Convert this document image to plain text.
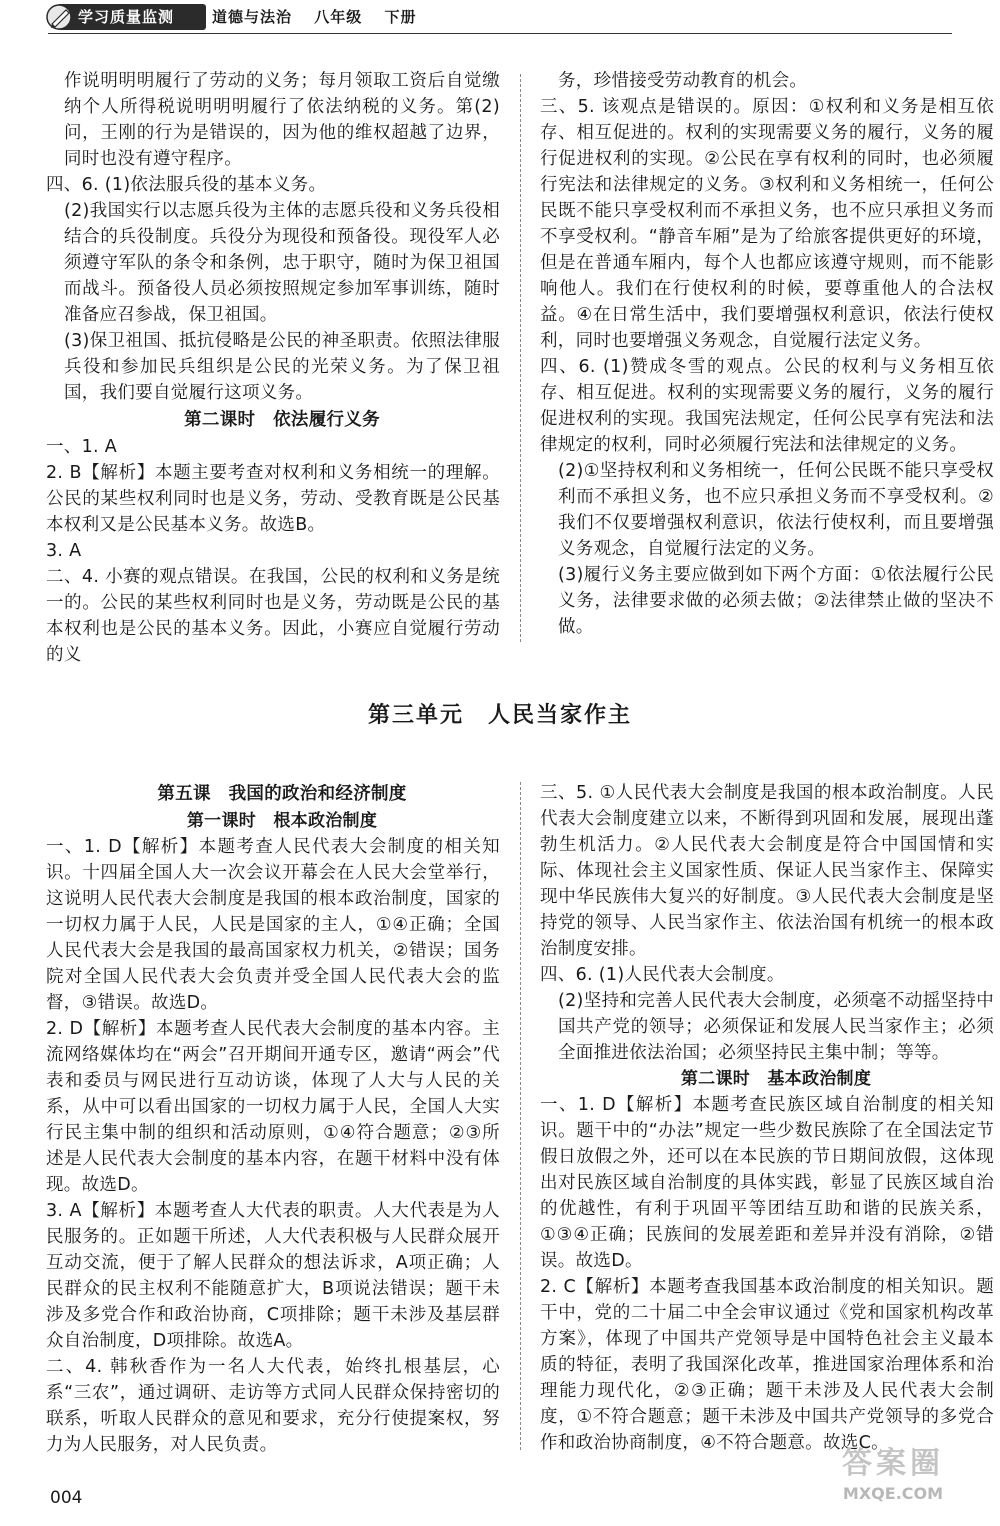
学习质量监测	道德与法治 八年级 下册

作说明明明履行了劳动的义务；每月领取工资后自觉缴纳个人所得税说明明明履行了依法纳税的义务。第(2)问，王刚的行为是错误的，因为他的维权超越了边界，同时也没有遵守程序。

四、6. (1)依法服兵役的基本义务。

(2)我国实行以志愿兵役为主体的志愿兵役和义务兵役相结合的兵役制度。兵役分为现役和预备役。现役军人必须遵守军队的条令和条例，忠于职守，随时为保卫祖国而战斗。预备役人员必须按照规定参加军事训练，随时准备应召参战，保卫祖国。

(3)保卫祖国、抵抗侵略是公民的神圣职责。依照法律服兵役和参加民兵组织是公民的光荣义务。为了保卫祖国，我们要自觉履行这项义务。

第二课时　依法履行义务

一、1. A

2. B【解析】本题主要考查对权利和义务相统一的理解。公民的某些权利同时也是义务，劳动、受教育既是公民基本权利又是公民基本义务。故选B。

3. A

二、4. 小赛的观点错误。在我国，公民的权利和义务是统一的。公民的某些权利同时也是义务，劳动既是公民的基本权利也是公民的基本义务。因此，小赛应自觉履行劳动的义

务，珍惜接受劳动教育的机会。

三、5. 该观点是错误的。原因：①权利和义务是相互依存、相互促进的。权利的实现需要义务的履行，义务的履行促进权利的实现。②公民在享有权利的同时，也必须履行宪法和法律规定的义务。③权利和义务相统一，任何公民既不能只享受权利而不承担义务，也不应只承担义务而不享受权利。“静音车厢”是为了给旅客提供更好的环境，但是在普通车厢内，每个人也都应该遵守规则，而不能影响他人。我们在行使权利的时候，要尊重他人的合法权益。④在日常生活中，我们要增强权利意识，依法行使权利，同时也要增强义务观念，自觉履行法定义务。

四、6. (1)赞成冬雪的观点。公民的权利与义务相互依存、相互促进。权利的实现需要义务的履行，义务的履行促进权利的实现。我国宪法规定，任何公民享有宪法和法律规定的权利，同时必须履行宪法和法律规定的义务。

(2)①坚持权利和义务相统一，任何公民既不能只享受权利而不承担义务，也不应只承担义务而不享受权利。②我们不仅要增强权利意识，依法行使权利，而且要增强义务观念，自觉履行法定的义务。

(3)履行义务主要应做到如下两个方面：①依法履行公民义务，法律要求做的必须去做；②法律禁止做的坚决不做。

第三单元　人民当家作主

第五课　我国的政治和经济制度

第一课时　根本政治制度

一、1. D【解析】本题考查人民代表大会制度的相关知识。十四届全国人大一次会议开幕会在人民大会堂举行，这说明人民代表大会制度是我国的根本政治制度，国家的一切权力属于人民，人民是国家的主人，①④正确；全国人民代表大会是我国的最高国家权力机关，②错误；国务院对全国人民代表大会负责并受全国人民代表大会的监督，③错误。故选D。

2. D【解析】本题考查人民代表大会制度的基本内容。主流网络媒体均在“两会”召开期间开通专区，邀请“两会”代表和委员与网民进行互动访谈，体现了人大与人民的关系，从中可以看出国家的一切权力属于人民，全国人大实行民主集中制的组织和活动原则，①④符合题意；②③所述是人民代表大会制度的基本内容，在题干材料中没有体现。故选D。

3. A【解析】本题考查人大代表的职责。人大代表是为人民服务的。正如题干所述，人大代表积极与人民群众展开互动交流，便于了解人民群众的想法诉求，A项正确；人民群众的民主权利不能随意扩大，B项说法错误；题干未涉及多党合作和政治协商，C项排除；题干未涉及基层群众自治制度，D项排除。故选A。

二、4. 韩秋香作为一名人大代表，始终扎根基层，心系“三农”，通过调研、走访等方式同人民群众保持密切的联系，听取人民群众的意见和要求，充分行使提案权，努力为人民服务，对人民负责。

三、5. ①人民代表大会制度是我国的根本政治制度。人民代表大会制度建立以来，不断得到巩固和发展，展现出蓬勃生机活力。②人民代表大会制度是符合中国国情和实际、体现社会主义国家性质、保证人民当家作主、保障实现中华民族伟大复兴的好制度。③人民代表大会制度是坚持党的领导、人民当家作主、依法治国有机统一的根本政治制度安排。

四、6. (1)人民代表大会制度。

(2)坚持和完善人民代表大会制度，必须毫不动摇坚持中国共产党的领导；必须保证和发展人民当家作主；必须全面推进依法治国；必须坚持民主集中制；等等。

第二课时　基本政治制度

一、1. D【解析】本题考查民族区域自治制度的相关知识。题干中的“办法”规定一些少数民族除了在全国法定节假日放假之外，还可以在本民族的节日期间放假，这体现出对民族区域自治制度的具体实践，彰显了民族区域自治的优越性，有利于巩固平等团结互助和谐的民族关系，①③④正确；民族间的发展差距和差异并没有消除，②错误。故选D。

2. C【解析】本题考查我国基本政治制度的相关知识。题干中，党的二十届二中全会审议通过《党和国家机构改革方案》，体现了中国共产党领导是中国特色社会主义最本质的特征，表明了我国深化改革，推进国家治理体系和治理能力现代化，②③正确；题干未涉及人民代表大会制度，①不符合题意；题干未涉及中国共产党领导的多党合作和政治协商制度，④不符合题意。故选C。

004
答案圈
MXQE.COM
